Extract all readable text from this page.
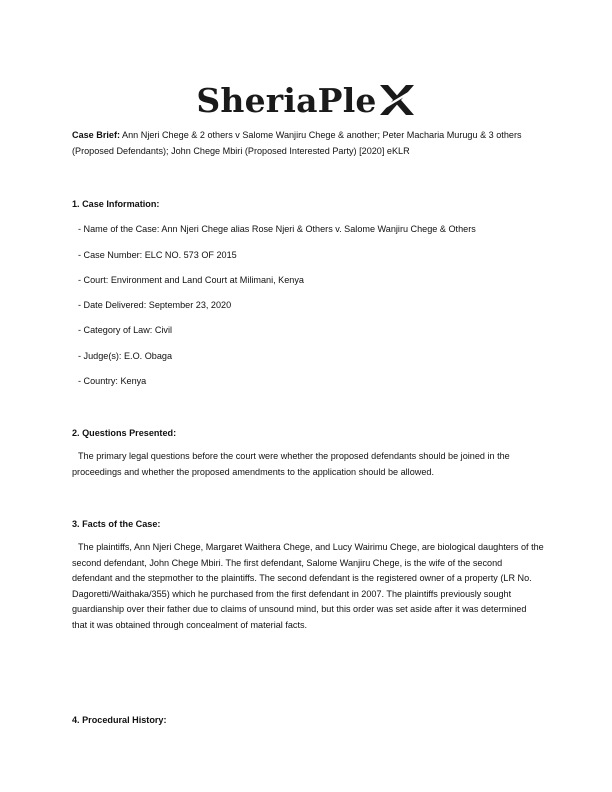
SheriaPle
Case Brief: Ann Njeri Chege & 2 others v Salome Wanjiru Chege & another; Peter Macharia Murugu & 3 others (Proposed Defendants); John Chege Mbiri (Proposed Interested Party) [2020] eKLR
1. Case Information:
- Name of the Case: Ann Njeri Chege alias Rose Njeri & Others v. Salome Wanjiru Chege & Others
- Case Number: ELC NO. 573 OF 2015
- Court: Environment and Land Court at Milimani, Kenya
- Date Delivered: September 23, 2020
- Category of Law: Civil
- Judge(s): E.O. Obaga
- Country: Kenya
2. Questions Presented:
The primary legal questions before the court were whether the proposed defendants should be joined in the proceedings and whether the proposed amendments to the application should be allowed.
3. Facts of the Case:
The plaintiffs, Ann Njeri Chege, Margaret Waithera Chege, and Lucy Wairimu Chege, are biological daughters of the second defendant, John Chege Mbiri. The first defendant, Salome Wanjiru Chege, is the wife of the second defendant and the stepmother to the plaintiffs. The second defendant is the registered owner of a property (LR No. Dagoretti/Waithaka/355) which he purchased from the first defendant in 2007. The plaintiffs previously sought guardianship over their father due to claims of unsound mind, but this order was set aside after it was determined that it was obtained through concealment of material facts.
4. Procedural History:
